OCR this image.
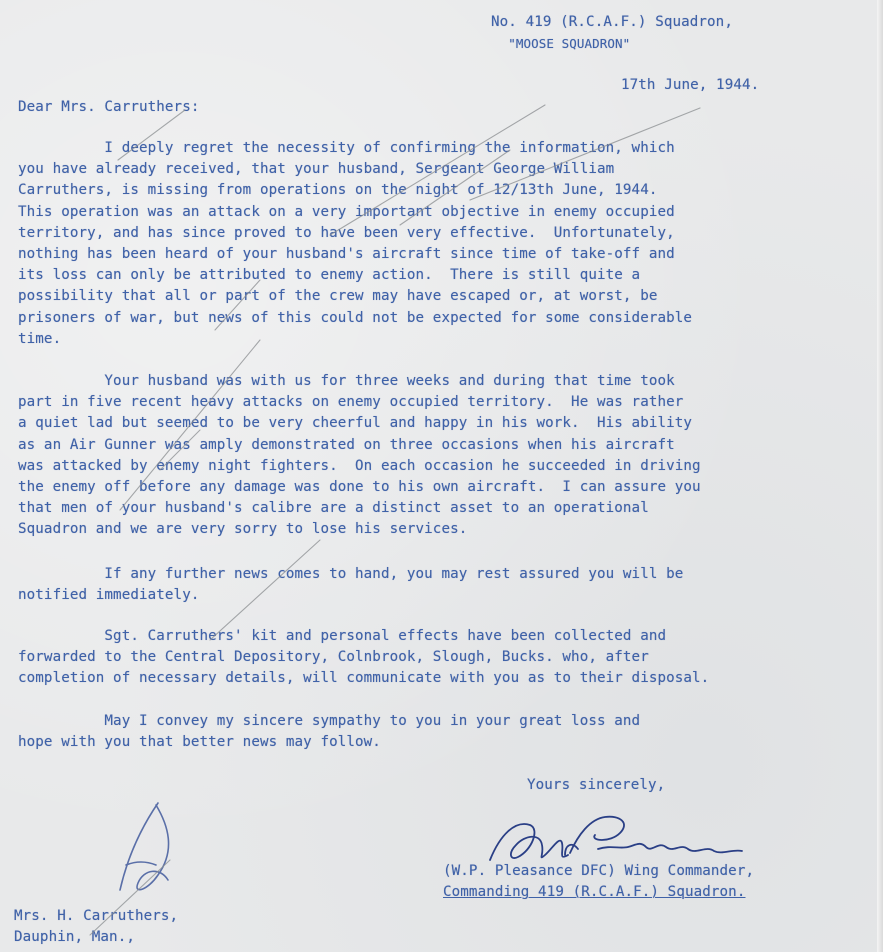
No. 419 (R.C.A.F.) Squadron,
"MOOSE SQUADRON"
17th June, 1944.
Dear Mrs. Carruthers:
I deeply regret the necessity of confirming the information, which
you have already received, that your husband, Sergeant George William
Carruthers, is missing from operations on the night of 12/13th June, 1944.
This operation was an attack on a very important objective in enemy occupied
territory, and has since proved to have been very effective.  Unfortunately,
nothing has been heard of your husband's aircraft since time of take-off and
its loss can only be attributed to enemy action.  There is still quite a
possibility that all or part of the crew may have escaped or, at worst, be
prisoners of war, but news of this could not be expected for some considerable
time.
Your husband was with us for three weeks and during that time took
part in five recent heavy attacks on enemy occupied territory.  He was rather
a quiet lad but seemed to be very cheerful and happy in his work.  His ability
as an Air Gunner was amply demonstrated on three occasions when his aircraft
was attacked by enemy night fighters.  On each occasion he succeeded in driving
the enemy off before any damage was done to his own aircraft.  I can assure you
that men of your husband's calibre are a distinct asset to an operational
Squadron and we are very sorry to lose his services.
If any further news comes to hand, you may rest assured you will be
notified immediately.
Sgt. Carruthers' kit and personal effects have been collected and
forwarded to the Central Depository, Colnbrook, Slough, Bucks. who, after
completion of necessary details, will communicate with you as to their disposal.
May I convey my sincere sympathy to you in your great loss and
hope with you that better news may follow.
Yours sincerely,
(W.P. Pleasance DFC) Wing Commander,
Commanding 419 (R.C.A.F.) Squadron.
Mrs. H. Carruthers,
Dauphin, Man.,
